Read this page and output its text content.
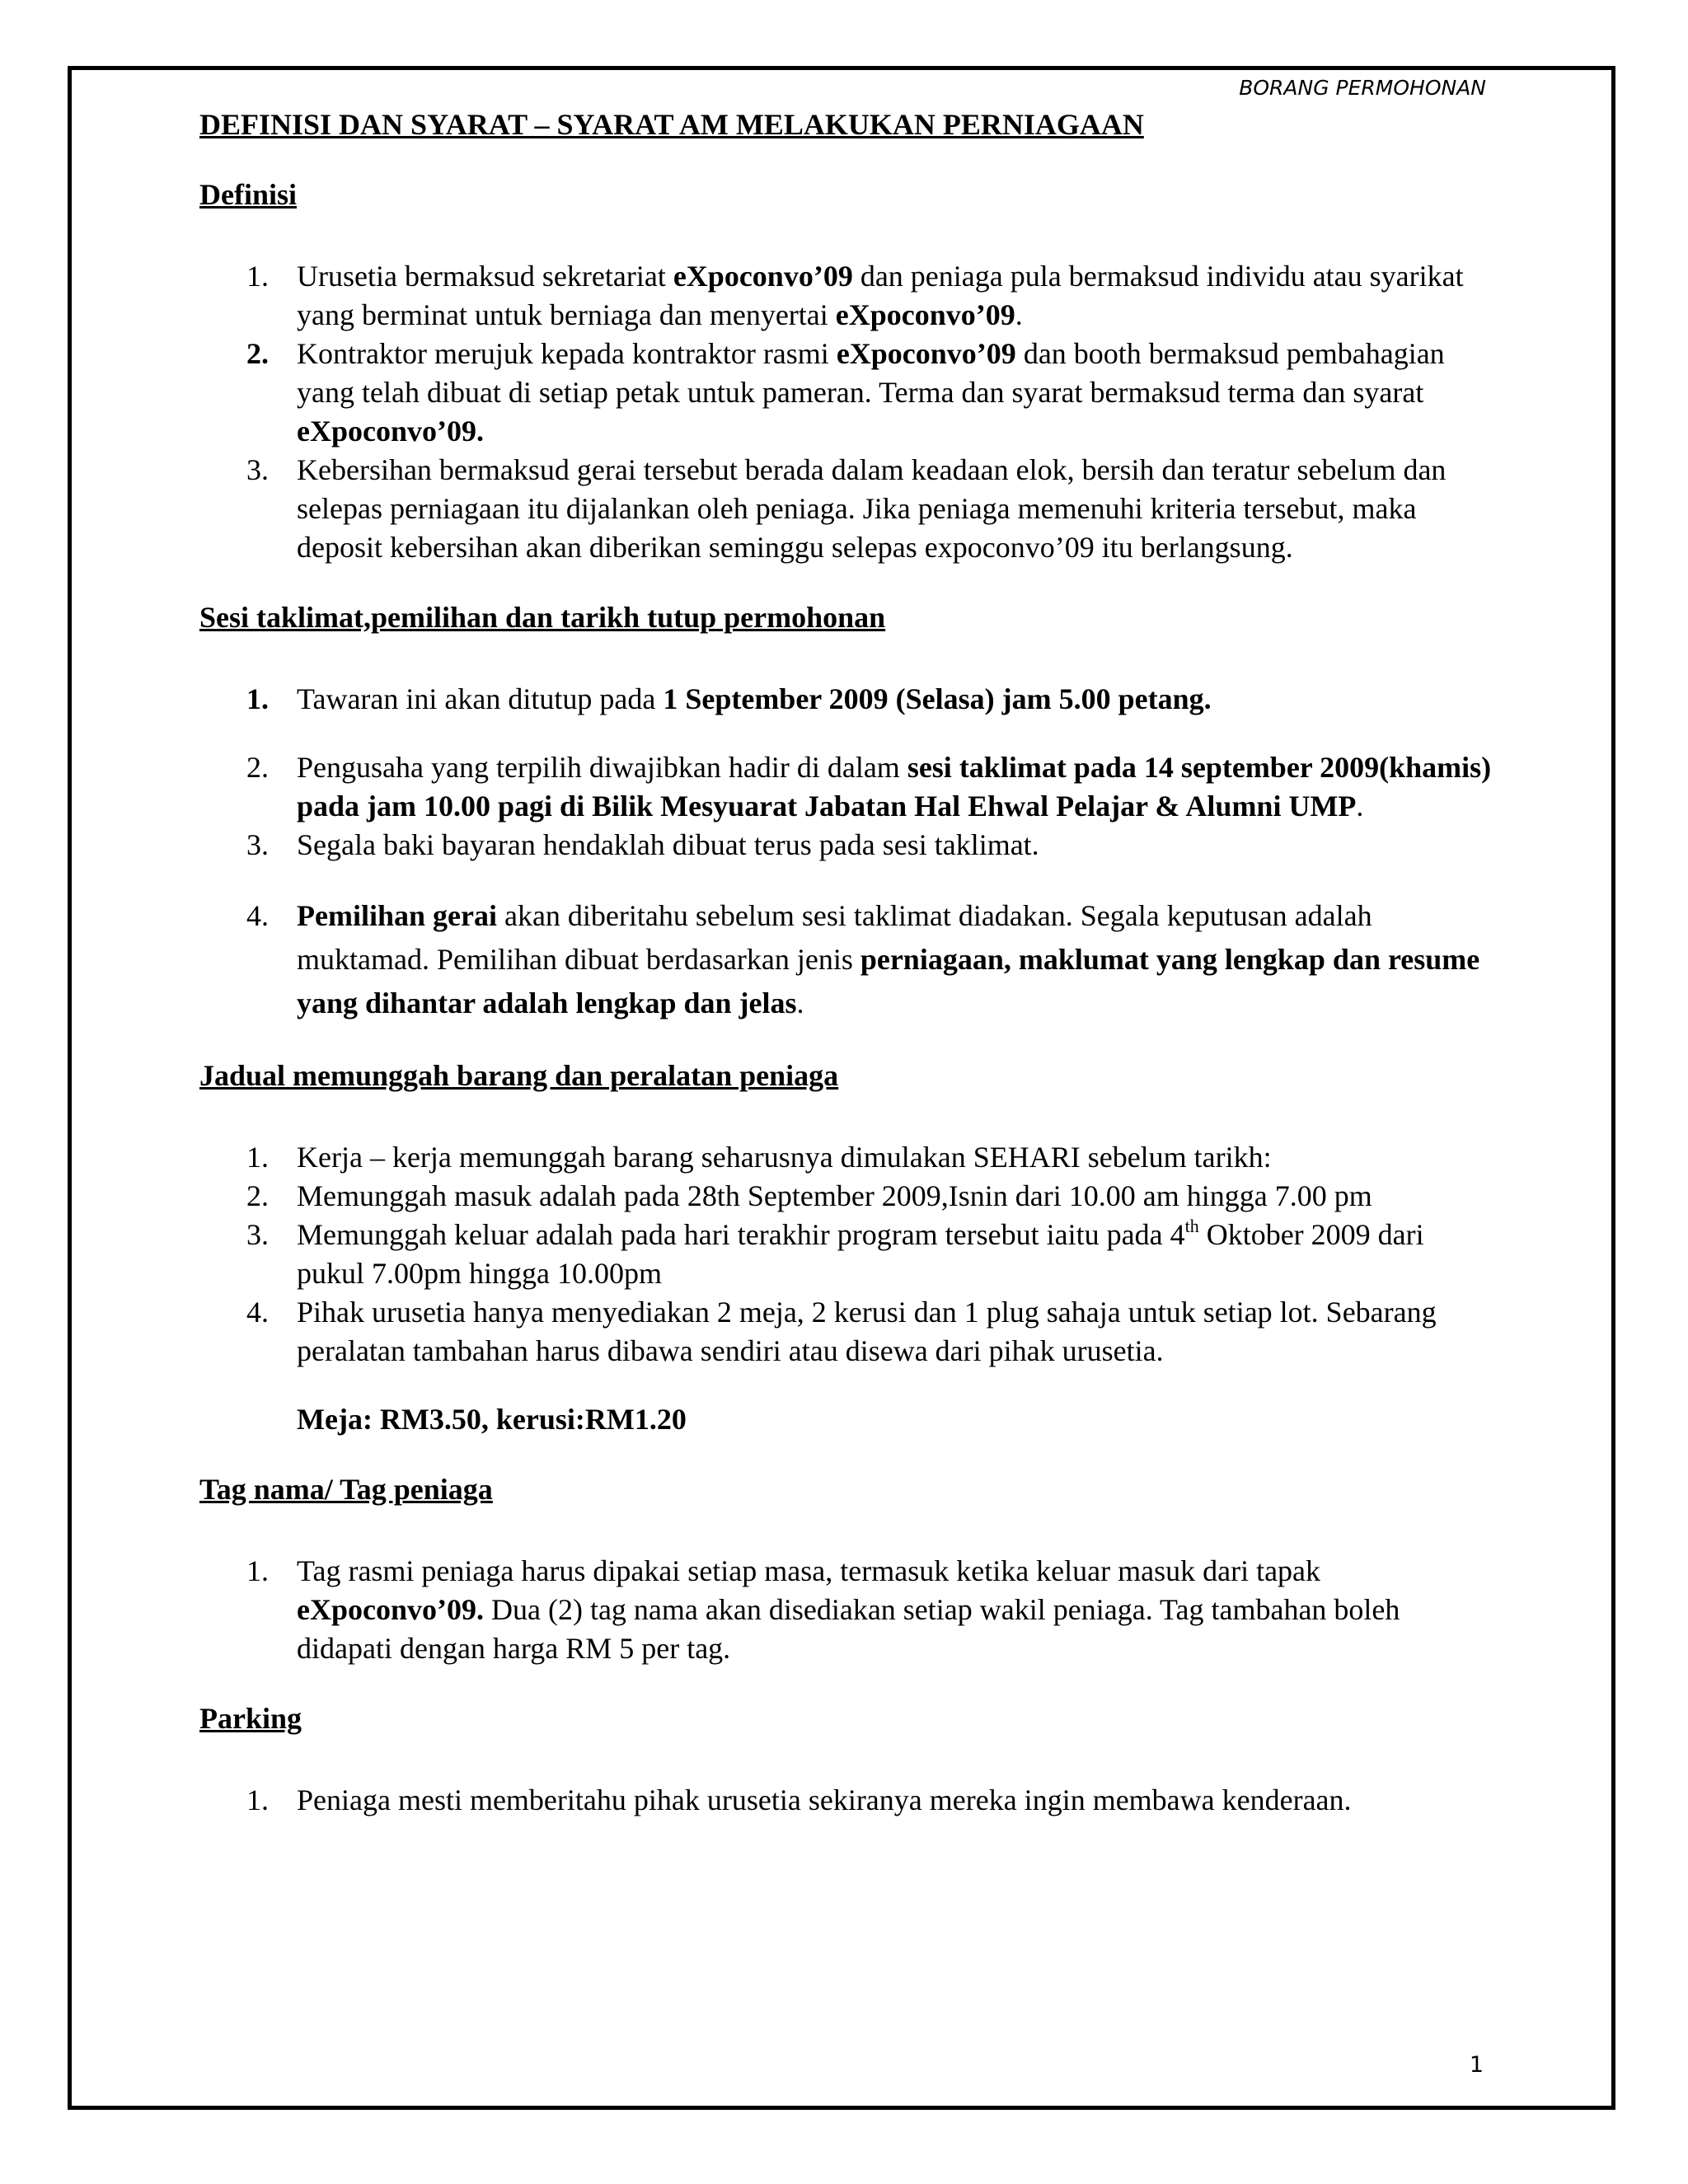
BORANG PERMOHONAN
DEFINISI DAN SYARAT – SYARAT AM MELAKUKAN PERNIAGAAN
Definisi
1. Urusetia bermaksud sekretariat eXpoconvo’09 dan peniaga pula bermaksud individu atau syarikat yang berminat untuk berniaga dan menyertai eXpoconvo’09.
2. Kontraktor merujuk kepada kontraktor rasmi eXpoconvo’09 dan booth bermaksud pembahagian yang telah dibuat di setiap petak untuk pameran. Terma dan syarat bermaksud terma dan syarat eXpoconvo’09.
3. Kebersihan bermaksud gerai tersebut berada dalam keadaan elok, bersih dan teratur sebelum dan selepas perniagaan itu dijalankan oleh peniaga. Jika peniaga memenuhi kriteria tersebut, maka deposit kebersihan akan diberikan seminggu selepas expoconvo’09 itu berlangsung.
Sesi taklimat,pemilihan dan tarikh tutup permohonan
1. Tawaran ini akan ditutup pada 1 September 2009 (Selasa) jam 5.00 petang.
2. Pengusaha yang terpilih diwajibkan hadir di dalam sesi taklimat pada 14 september 2009(khamis) pada jam 10.00 pagi di Bilik Mesyuarat Jabatan Hal Ehwal Pelajar & Alumni UMP.
3. Segala baki bayaran hendaklah dibuat terus pada sesi taklimat.
4. Pemilihan gerai akan diberitahu sebelum sesi taklimat diadakan. Segala keputusan adalah muktamad. Pemilihan dibuat berdasarkan jenis perniagaan, maklumat yang lengkap dan resume yang dihantar adalah lengkap dan jelas.
Jadual memunggah barang dan peralatan peniaga
1. Kerja – kerja memunggah barang seharusnya dimulakan SEHARI sebelum tarikh:
2. Memunggah masuk adalah pada 28th September 2009,Isnin dari 10.00 am hingga 7.00 pm
3. Memunggah keluar adalah pada hari terakhir program tersebut iaitu pada 4th Oktober 2009 dari pukul 7.00pm hingga 10.00pm
4. Pihak urusetia hanya menyediakan 2 meja, 2 kerusi dan 1 plug sahaja untuk setiap lot. Sebarang peralatan tambahan harus dibawa sendiri atau disewa dari pihak urusetia.
Meja: RM3.50, kerusi:RM1.20
Tag nama/ Tag peniaga
1. Tag rasmi peniaga harus dipakai setiap masa, termasuk ketika keluar masuk dari tapak eXpoconvo’09. Dua (2) tag nama akan disediakan setiap wakil peniaga. Tag tambahan boleh didapati dengan harga RM 5 per tag.
Parking
1. Peniaga mesti memberitahu pihak urusetia sekiranya mereka ingin membawa kenderaan.
1
